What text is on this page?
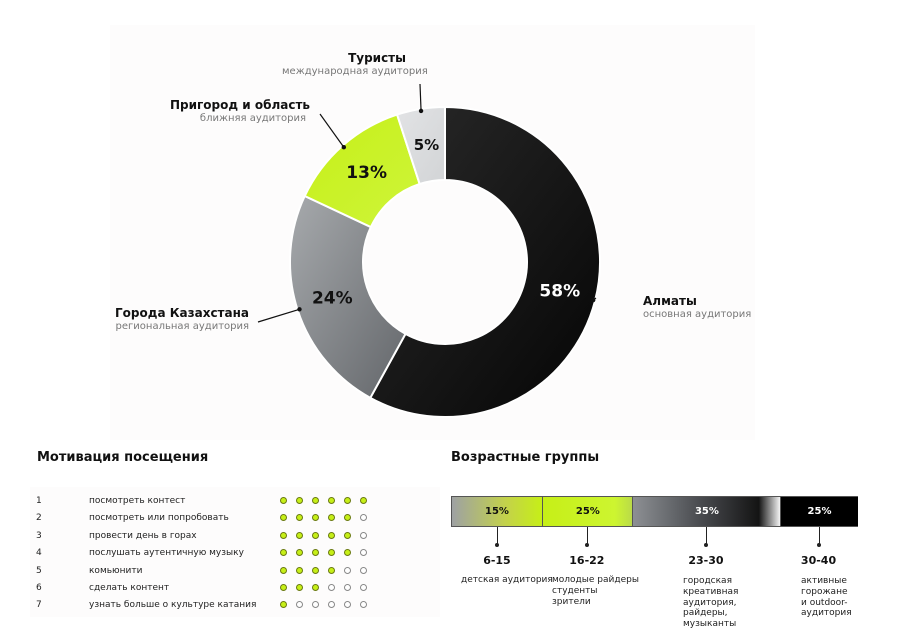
58%
24%
13%
5%
Туристы
международная аудитория
Пригород и область
ближняя аудитория
Города Казахстана
региональная аудитория
Алматы
основная аудитория
Мотивация посещения
1	посмотреть контест
2	посмотреть или попробовать
3	провести день в горах
4	послушать аутентичную музыку
5	комьюнити
6	сделать контент
7	узнать больше о культуре катания
Возрастные группы
15%	25%	35%	25%
6-15
детская аудитория
16-22
молодые райдеры
студенты
зрители
23-30
городская
креативная
аудитория,
райдеры,
музыканты
30-40
активные
горожане
и outdoor-
аудитория
